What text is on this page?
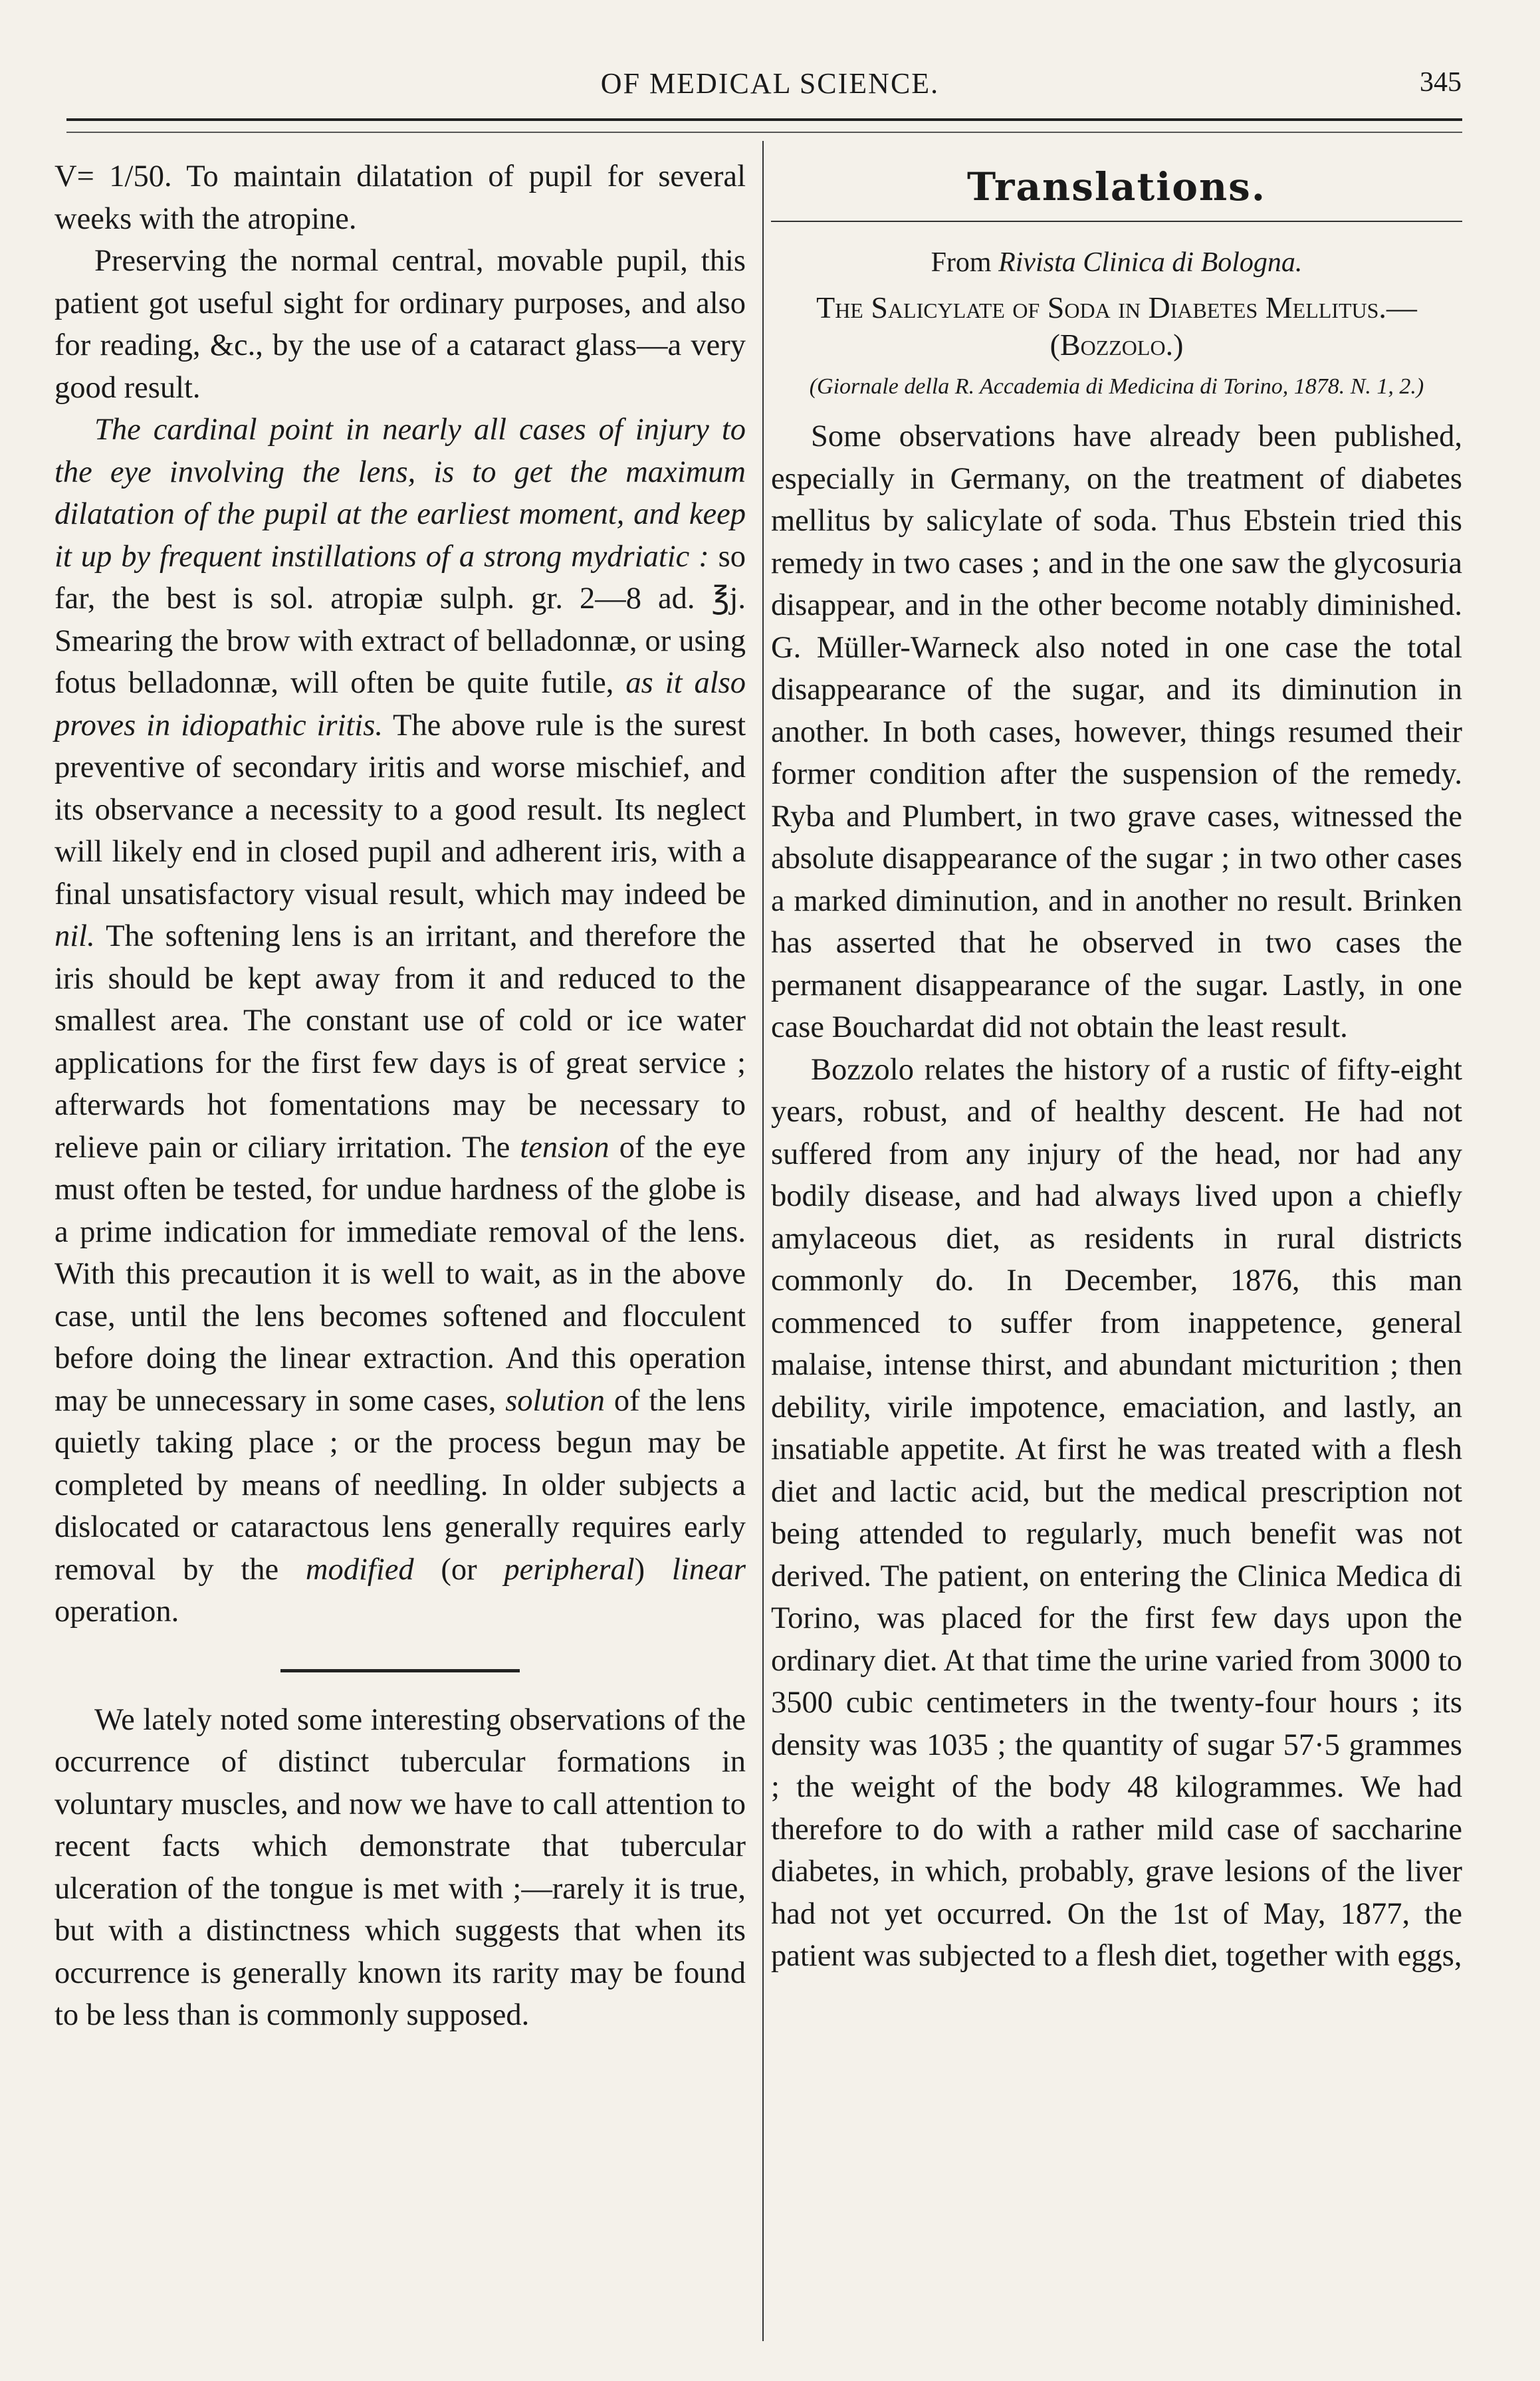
OF MEDICAL SCIENCE.	345

V= 1/50. To maintain dilatation of pupil for several weeks with the atropine.

Preserving the normal central, movable pupil, this patient got useful sight for ordinary purposes, and also for reading, &c., by the use of a cataract glass—a very good result.

The cardinal point in nearly all cases of injury to the eye involving the lens, is to get the maximum dilatation of the pupil at the earliest moment, and keep it up by frequent instillations of a strong mydriatic : so far, the best is sol. atropiæ sulph. gr. 2—8 ad. ℥j. Smearing the brow with extract of belladonnæ, or using fotus belladonnæ, will often be quite futile, as it also proves in idiopathic iritis. The above rule is the surest preventive of secondary iritis and worse mischief, and its observance a necessity to a good result. Its neglect will likely end in closed pupil and adherent iris, with a final unsatisfactory visual result, which may indeed be nil. The softening lens is an irritant, and therefore the iris should be kept away from it and reduced to the smallest area. The constant use of cold or ice water applications for the first few days is of great service ; afterwards hot fomentations may be necessary to relieve pain or ciliary irritation. The tension of the eye must often be tested, for undue hardness of the globe is a prime indication for immediate removal of the lens. With this precaution it is well to wait, as in the above case, until the lens becomes softened and flocculent before doing the linear extraction. And this operation may be unnecessary in some cases, solution of the lens quietly taking place ; or the process begun may be completed by means of needling. In older subjects a dislocated or cataractous lens generally requires early removal by the modified (or peripheral) linear operation.

We lately noted some interesting observations of the occurrence of distinct tubercular formations in voluntary muscles, and now we have to call attention to recent facts which demonstrate that tubercular ulceration of the tongue is met with ;—rarely it is true, but with a distinctness which suggests that when its occurrence is generally known its rarity may be found to be less than is commonly supposed.

Translations.
From Rivista Clinica di Bologna.
The Salicylate of Soda in Diabetes Mellitus.—(Bozzolo.)
(Giornale della R. Accademia di Medicina di Torino, 1878. N. 1, 2.)

Some observations have already been published, especially in Germany, on the treatment of diabetes mellitus by salicylate of soda. Thus Ebstein tried this remedy in two cases ; and in the one saw the glycosuria disappear, and in the other become notably diminished. G. Müller-Warneck also noted in one case the total disappearance of the sugar, and its diminution in another. In both cases, however, things resumed their former condition after the suspension of the remedy. Ryba and Plumbert, in two grave cases, witnessed the absolute disappearance of the sugar ; in two other cases a marked diminution, and in another no result. Brinken has asserted that he observed in two cases the permanent disappearance of the sugar. Lastly, in one case Bouchardat did not obtain the least result.

Bozzolo relates the history of a rustic of fifty-eight years, robust, and of healthy descent. He had not suffered from any injury of the head, nor had any bodily disease, and had always lived upon a chiefly amylaceous diet, as residents in rural districts commonly do. In December, 1876, this man commenced to suffer from inappetence, general malaise, intense thirst, and abundant micturition ; then debility, virile impotence, emaciation, and lastly, an insatiable appetite. At first he was treated with a flesh diet and lactic acid, but the medical prescription not being attended to regularly, much benefit was not derived. The patient, on entering the Clinica Medica di Torino, was placed for the first few days upon the ordinary diet. At that time the urine varied from 3000 to 3500 cubic centimeters in the twenty-four hours ; its density was 1035 ; the quantity of sugar 57·5 grammes ; the weight of the body 48 kilogrammes. We had therefore to do with a rather mild case of saccharine diabetes, in which, probably, grave lesions of the liver had not yet occurred. On the 1st of May, 1877, the patient was subjected to a flesh diet, together with eggs,
